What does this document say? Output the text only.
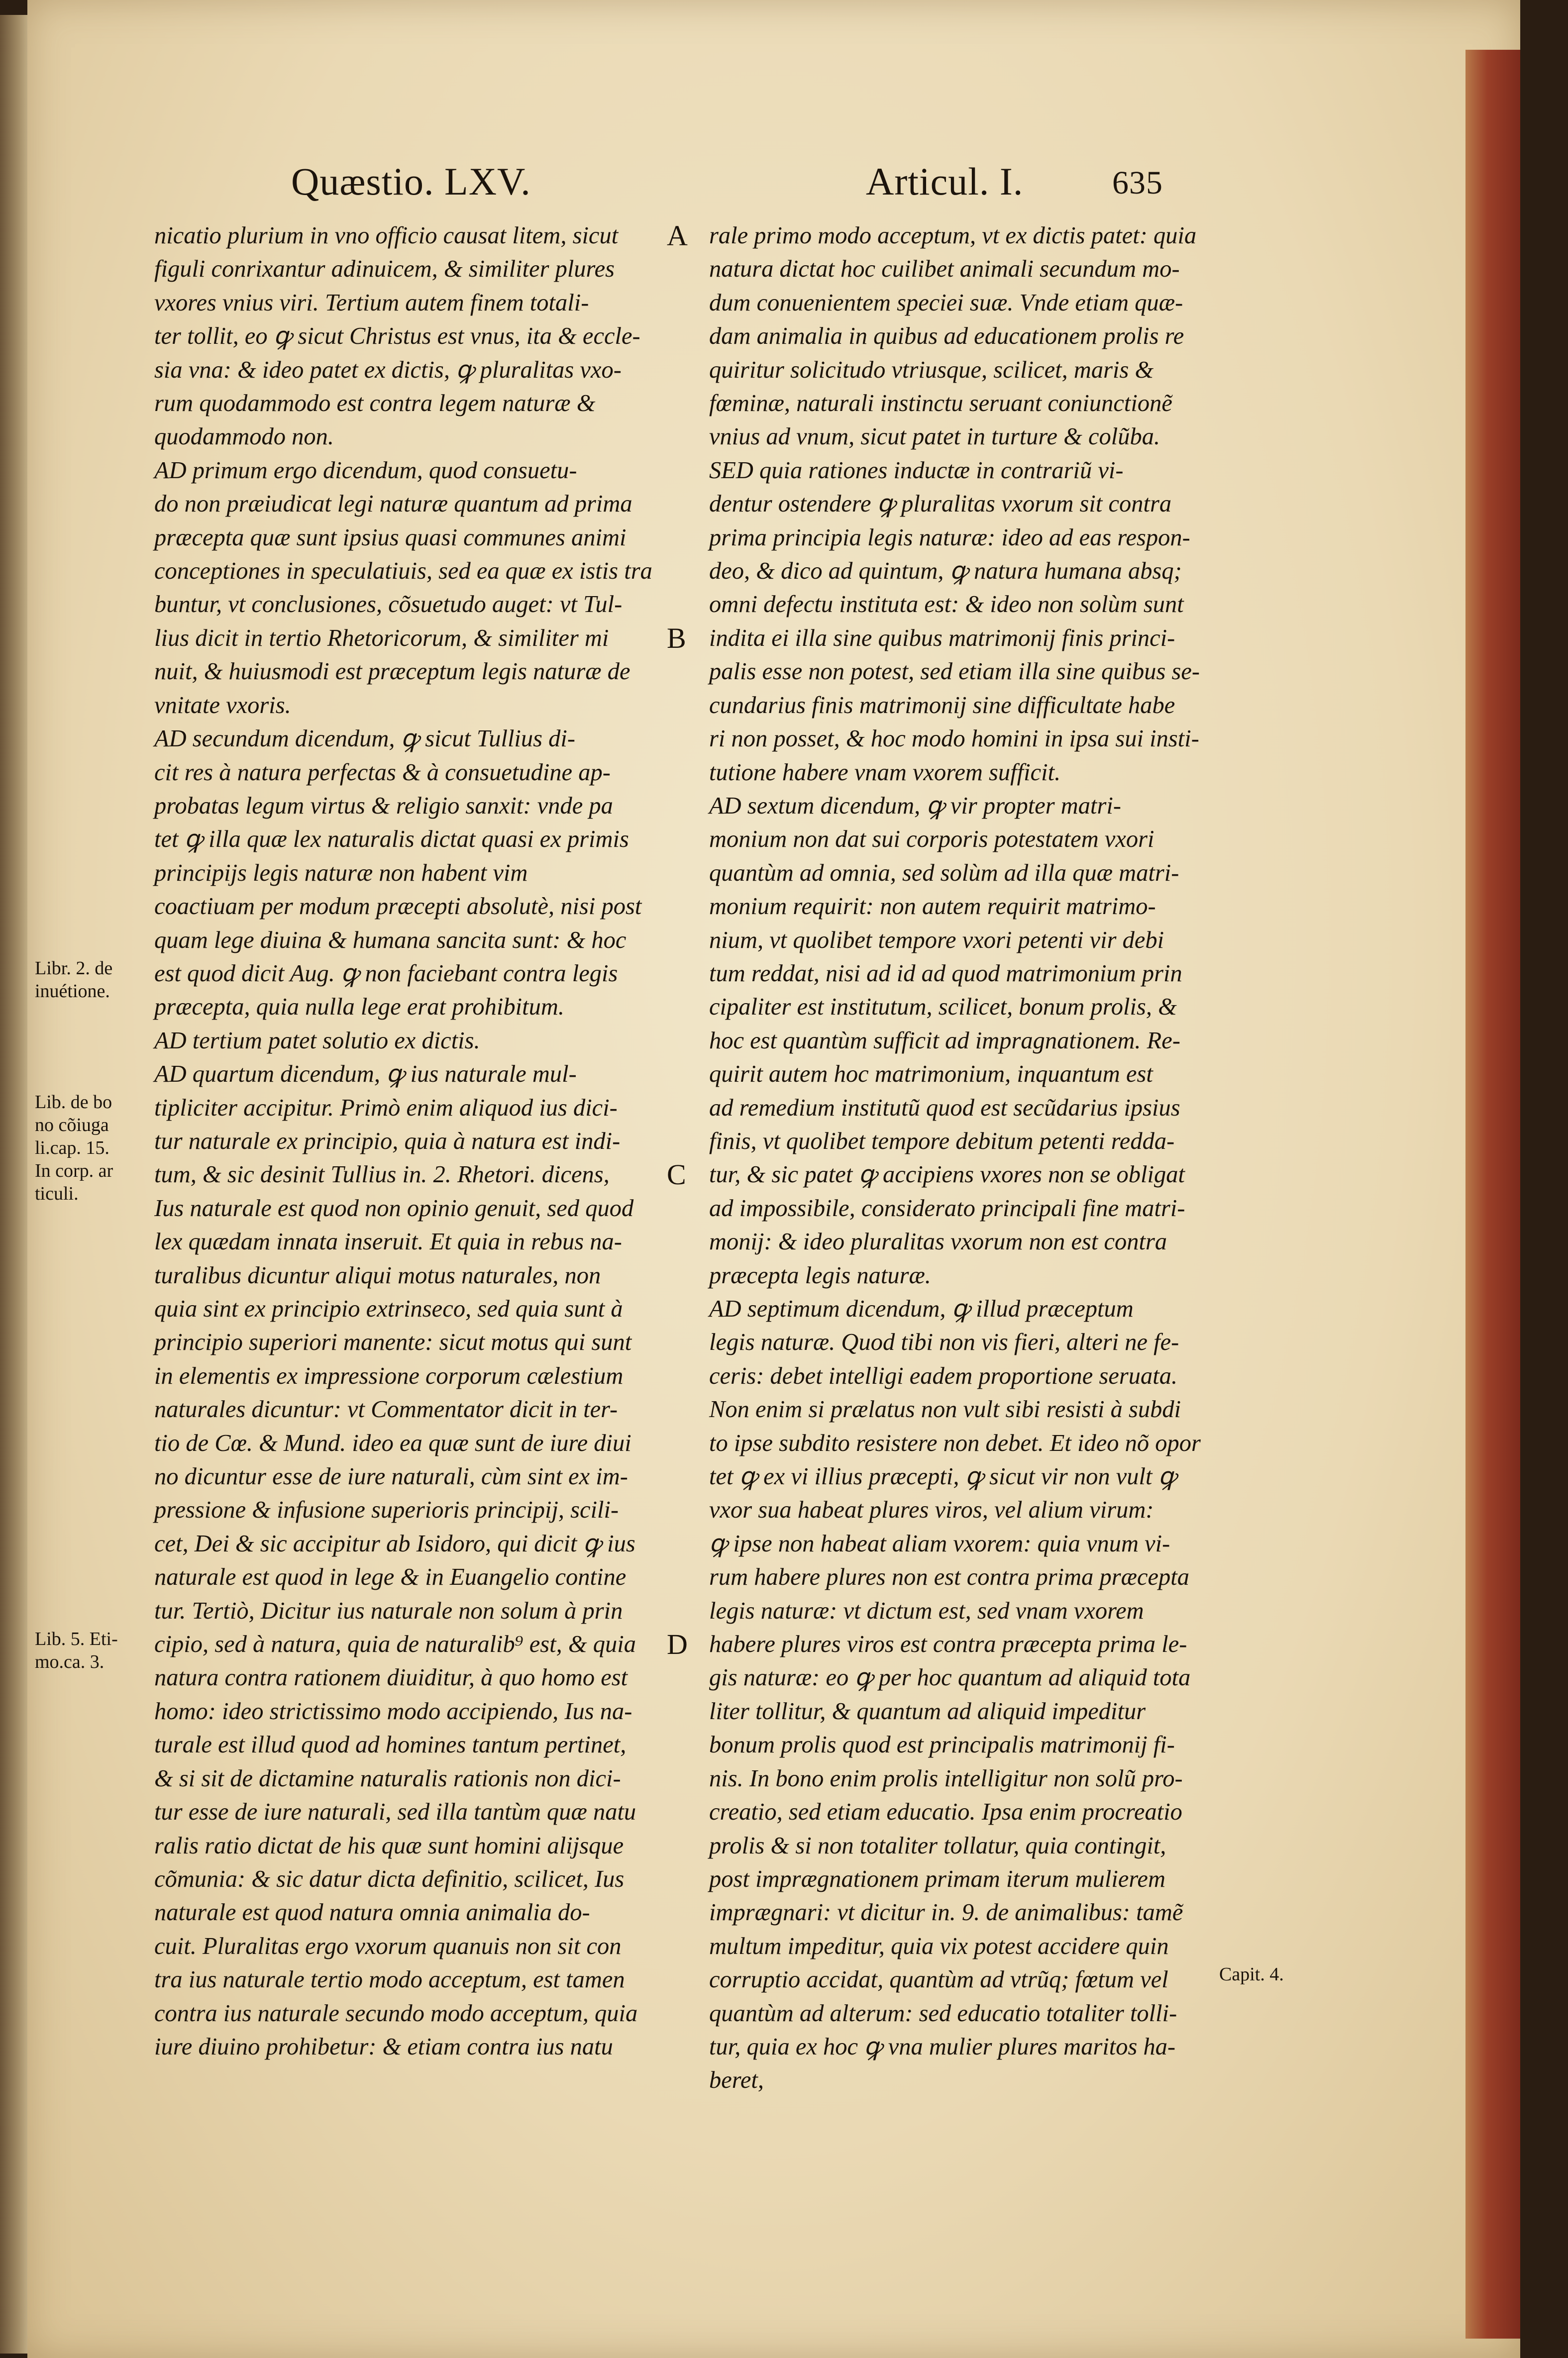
Quæstio. LXV.	Articul. I.	635
nicatio plurium in vno officio causat litem, sicut
figuli conrixantur adinuicem, & similiter plures
vxores vnius viri. Tertium autem finem totali-
ter tollit, eo ꝙ sicut Christus est vnus, ita & eccle-
sia vna: & ideo patet ex dictis, ꝙ pluralitas vxo-
rum quodammodo est contra legem naturæ &
quodammodo non.
AD primum ergo dicendum, quod consuetu-
do non præiudicat legi naturæ quantum ad prima
præcepta quæ sunt ipsius quasi communes animi
conceptiones in speculatiuis, sed ea quæ ex istis tra
buntur, vt conclusiones, cõsuetudo auget: vt Tul-
lius dicit in tertio Rhetoricorum, & similiter mi
nuit, & huiusmodi est præceptum legis naturæ de
vnitate vxoris.
AD secundum dicendum, ꝙ sicut Tullius di-
cit res à natura perfectas & à consuetudine ap-
probatas legum virtus & religio sanxit: vnde pa
tet ꝙ illa quæ lex naturalis dictat quasi ex primis
principijs legis naturæ non habent vim
coactiuam per modum præcepti absolutè, nisi post
quam lege diuina & humana sancita sunt: & hoc
est quod dicit Aug. ꝙ non faciebant contra legis
præcepta, quia nulla lege erat prohibitum.
AD tertium patet solutio ex dictis.
AD quartum dicendum, ꝙ ius naturale mul-
tipliciter accipitur. Primò enim aliquod ius dici-
tur naturale ex principio, quia à natura est indi-
tum, & sic desinit Tullius in. 2. Rhetori. dicens,
Ius naturale est quod non opinio genuit, sed quod
lex quædam innata inseruit. Et quia in rebus na-
turalibus dicuntur aliqui motus naturales, non
quia sint ex principio extrinseco, sed quia sunt à
principio superiori manente: sicut motus qui sunt
in elementis ex impressione corporum cælestium
naturales dicuntur: vt Commentator dicit in ter-
tio de Cœ. & Mund. ideo ea quæ sunt de iure diui
no dicuntur esse de iure naturali, cùm sint ex im-
pressione & infusione superioris principij, scili-
cet, Dei & sic accipitur ab Isidoro, qui dicit ꝙ ius
naturale est quod in lege & in Euangelio contine
tur. Tertiò, Dicitur ius naturale non solum à prin
cipio, sed à natura, quia de naturalib⁹ est, & quia
natura contra rationem diuiditur, à quo homo est
homo: ideo strictissimo modo accipiendo, Ius na-
turale est illud quod ad homines tantum pertinet,
& si sit de dictamine naturalis rationis non dici-
tur esse de iure naturali, sed illa tantùm quæ natu
ralis ratio dictat de his quæ sunt homini alijsque
cõmunia: & sic datur dicta definitio, scilicet, Ius
naturale est quod natura omnia animalia do-
cuit. Pluralitas ergo vxorum quanuis non sit con
tra ius naturale tertio modo acceptum, est tamen
contra ius naturale secundo modo acceptum, quia
iure diuino prohibetur: & etiam contra ius natu
rale primo modo acceptum, vt ex dictis patet: quia
natura dictat hoc cuilibet animali secundum mo-
dum conuenientem speciei suæ. Vnde etiam quæ-
dam animalia in quibus ad educationem prolis re
quiritur solicitudo vtriusque, scilicet, maris &
fœminæ, naturali instinctu seruant coniunctionẽ
vnius ad vnum, sicut patet in turture & colũba.
SED quia rationes inductæ in contrariũ vi-
dentur ostendere ꝙ pluralitas vxorum sit contra
prima principia legis naturæ: ideo ad eas respon-
deo, & dico ad quintum, ꝙ natura humana absq;
omni defectu instituta est: & ideo non solùm sunt
indita ei illa sine quibus matrimonij finis princi-
palis esse non potest, sed etiam illa sine quibus se-
cundarius finis matrimonij sine difficultate habe
ri non posset, & hoc modo homini in ipsa sui insti-
tutione habere vnam vxorem sufficit.
AD sextum dicendum, ꝙ vir propter matri-
monium non dat sui corporis potestatem vxori
quantùm ad omnia, sed solùm ad illa quæ matri-
monium requirit: non autem requirit matrimo-
nium, vt quolibet tempore vxori petenti vir debi
tum reddat, nisi ad id ad quod matrimonium prin
cipaliter est institutum, scilicet, bonum prolis, &
hoc est quantùm sufficit ad impragnationem. Re-
quirit autem hoc matrimonium, inquantum est
ad remedium institutũ quod est secũdarius ipsius
finis, vt quolibet tempore debitum petenti redda-
tur, & sic patet ꝙ accipiens vxores non se obligat
ad impossibile, considerato principali fine matri-
monij: & ideo pluralitas vxorum non est contra
præcepta legis naturæ.
AD septimum dicendum, ꝙ illud præceptum
legis naturæ. Quod tibi non vis fieri, alteri ne fe-
ceris: debet intelligi eadem proportione seruata.
Non enim si prælatus non vult sibi resisti à subdi
to ipse subdito resistere non debet. Et ideo nõ opor
tet ꝙ ex vi illius præcepti, ꝙ sicut vir non vult ꝙ
vxor sua habeat plures viros, vel alium virum:
ꝙ ipse non habeat aliam vxorem: quia vnum vi-
rum habere plures non est contra prima præcepta
legis naturæ: vt dictum est, sed vnam vxorem
habere plures viros est contra præcepta prima le-
gis naturæ: eo ꝙ per hoc quantum ad aliquid tota
liter tollitur, & quantum ad aliquid impeditur
bonum prolis quod est principalis matrimonij fi-
nis. In bono enim prolis intelligitur non solũ pro-
creatio, sed etiam educatio. Ipsa enim procreatio
prolis & si non totaliter tollatur, quia contingit,
post imprægnationem primam iterum mulierem
imprægnari: vt dicitur in. 9. de animalibus: tamẽ
multum impeditur, quia vix potest accidere quin
corruptio accidat, quantùm ad vtrũq; fœtum vel
quantùm ad alterum: sed educatio totaliter tolli-
tur, quia ex hoc ꝙ vna mulier plures maritos ha-
beret,
Libr. 2. de
inuétione.
Lib. de bo
no cõiuga
li.cap. 15.
In corp. ar
ticuli.
Lib. 5. Eti-
mo.ca. 3.
Capit. 4.
A
B
C
D
